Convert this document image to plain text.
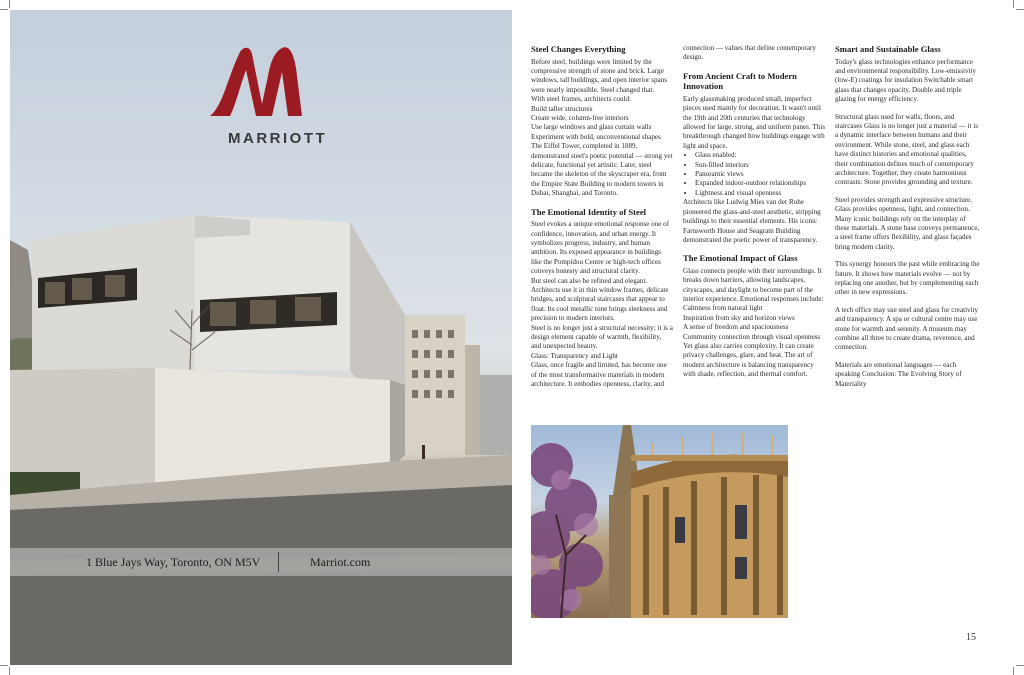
MARRIOTT
1 Blue Jays Way, Toronto, ON M5V	Marriot.com
Steel Changes Everything

Before steel, buildings were limited by the compressive strength of stone and brick. Large windows, tall buildings, and open interior spans were nearly impossible. Steel changed that.

With steel frames, architects could:

Build taller structures

Create wide, column-free interiors

Use large windows and glass curtain walls

Experiment with bold, unconventional shapes

The Eiffel Tower, completed in 1889, demonstrated steel's poetic potential — strong yet delicate, functional yet artistic. Later, steel became the skeleton of the skyscraper era, from the Empire State Building to modern towers in Dubai, Shanghai, and Toronto.

The Emotional Identity of Steel

Steel evokes a unique emotional response one of confidence, innovation, and urban energy. It symbolizes progress, industry, and human ambition. Its exposed appearance in buildings like the Pompidou Centre or high-tech offices conveys honesty and structural clarity.

But steel can also be refined and elegant. Architects use it in thin window frames, delicate bridges, and sculptural staircases that appear to float. Its cool metallic tone brings sleekness and precision to modern interiors.

Steel is no longer just a structural necessity; it is a design element capable of warmth, flexibility, and unexpected beauty.

Glass: Transparency and Light

Glass, once fragile and limited, has become one of the most transformative materials in modern architecture. It embodies openness, clarity, and

connection — values that define contemporary design.

From Ancient Craft to Modern Innovation

Early glassmaking produced small, imperfect pieces used mainly for decoration. It wasn't until the 19th and 20th centuries that technology allowed for large, strong, and uniform panes. This breakthrough changed how buildings engage with light and space.

• Glass enabled:
• Sun-filled interiors
• Panoramic views
• Expanded indoor-outdoor relationships
• Lightness and visual openness

Architects like Ludwig Mies van der Rohe pioneered the glass-and-steel aesthetic, stripping buildings to their essential elements. His iconic Farnsworth House and Seagram Building demonstrated the poetic power of transparency.

The Emotional Impact of Glass

Glass connects people with their surroundings. It breaks down barriers, allowing landscapes, cityscapes, and daylight to become part of the interior experience. Emotional responses include:

Calmness from natural light

Inspiration from sky and horizon views

A sense of freedom and spaciousness

Community connection through visual openness

Yet glass also carries complexity. It can create privacy challenges, glare, and heat. The art of modern architecture is balancing transparency with shade, reflection, and thermal comfort.

Smart and Sustainable Glass

Today's glass technologies enhance performance and environmental responsibility. Low-emissivity (low-E) coatings for insulation Switchable smart glass that changes opacity. Double and triple glazing for energy efficiency.

Structural glass used for walls, floors, and staircases Glass is no longer just a material — it is a dynamic interface between humans and their environment. While stone, steel, and glass each have distinct histories and emotional qualities, their combination defines much of contemporary architecture. Together, they create harmonious contrasts: Stone provides grounding and texture.

Steel provides strength and expressive structure. Glass provides openness, light, and connection. Many iconic buildings rely on the interplay of these materials. A stone base conveys permanence, a steel frame offers flexibility, and glass façades bring modern clarity.

This synergy honours the past while embracing the future. It shows how materials evolve — not by replacing one another, but by complementing each other in new expressions.

A tech office may use steel and glass for creativity and transparency. A spa or cultural centre may use stone for warmth and serenity. A museum may combine all three to create drama, reverence, and connection.

Materials are emotional languages — each speaking Conclusion: The Evolving Story of Materiality

15
